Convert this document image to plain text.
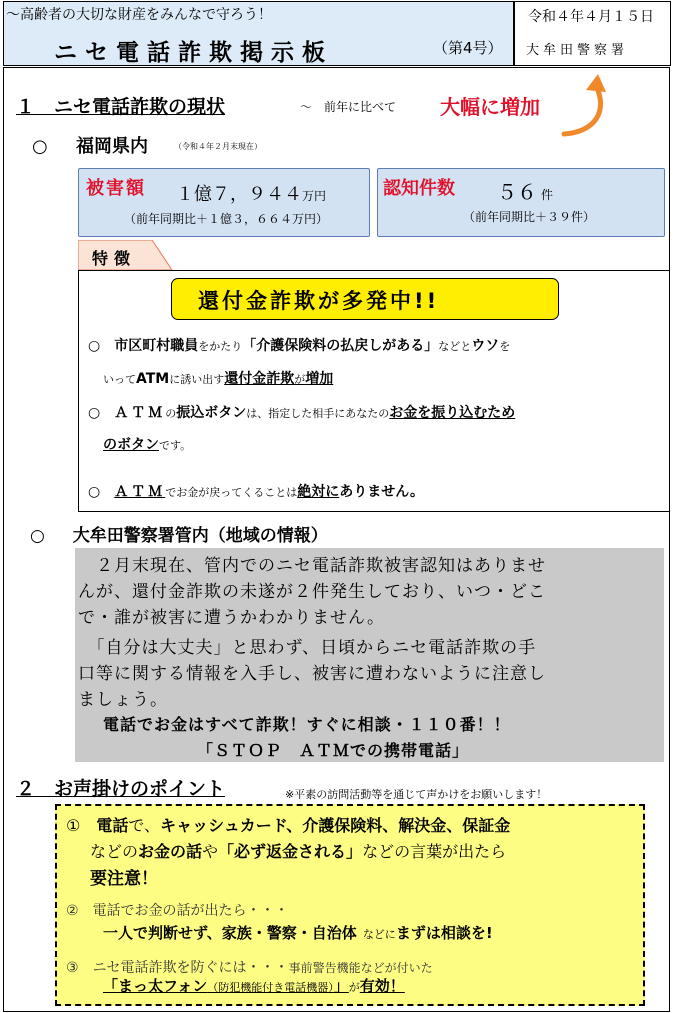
～高齢者の大切な財産をみんなで守ろう！
ニセ電話詐欺掲示板	（第4号）
令和４年４月１５日
大牟田警察署
１　ニセ電話詐欺の現状	～　前年に比べて 大幅に増加
○ 福岡県内	（令和４年２月末現在）
被害額 １億７，９４４万円
（前年同期比＋１億３，６６４万円）
認知件数 ５６ 件
（前年同期比＋３９件）
特徴
還付金詐欺が多発中!!
○　市区町村職員をかたり「介護保険料の払戻しがある」などとウソを
いってATMに誘い出す還付金詐欺が増加
○　ＡＴＭの振込ボタンは、指定した相手にあなたのお金を振り込むため
のボタンです。
○　ＡＴＭでお金が戻ってくることは絶対にありません。
○ 大牟田警察署管内（地域の情報）
　２月末現在、管内でのニセ電話詐欺被害認知はありませ
んが、還付金詐欺の未遂が２件発生しており、いつ・どこ
で・誰が被害に遭うかわかりません。
　「自分は大丈夫」と思わず、日頃からニセ電話詐欺の手
口等に関する情報を入手し、被害に遭わないように注意し
ましょう。
電話でお金はすべて詐欺！すぐに相談・１１０番！！
「ＳＴＯＰ　ＡＴＭでの携帯電話」
２　お声掛けのポイント	※平素の訪問活動等を通じて声かけをお願いします！
①　電話で、キャッシュカード、介護保険料、解決金、保証金
などのお金の話や「必ず返金される」などの言葉が出たら
要注意！
②　電話でお金の話が出たら・・・
一人で判断せず、家族・警察・自治体 などにまずは相談を!
③　ニセ電話詐欺を防ぐには・・・事前警告機能などが付いた
「まっ太フォン（防犯機能付き電話機器）」が有効！
